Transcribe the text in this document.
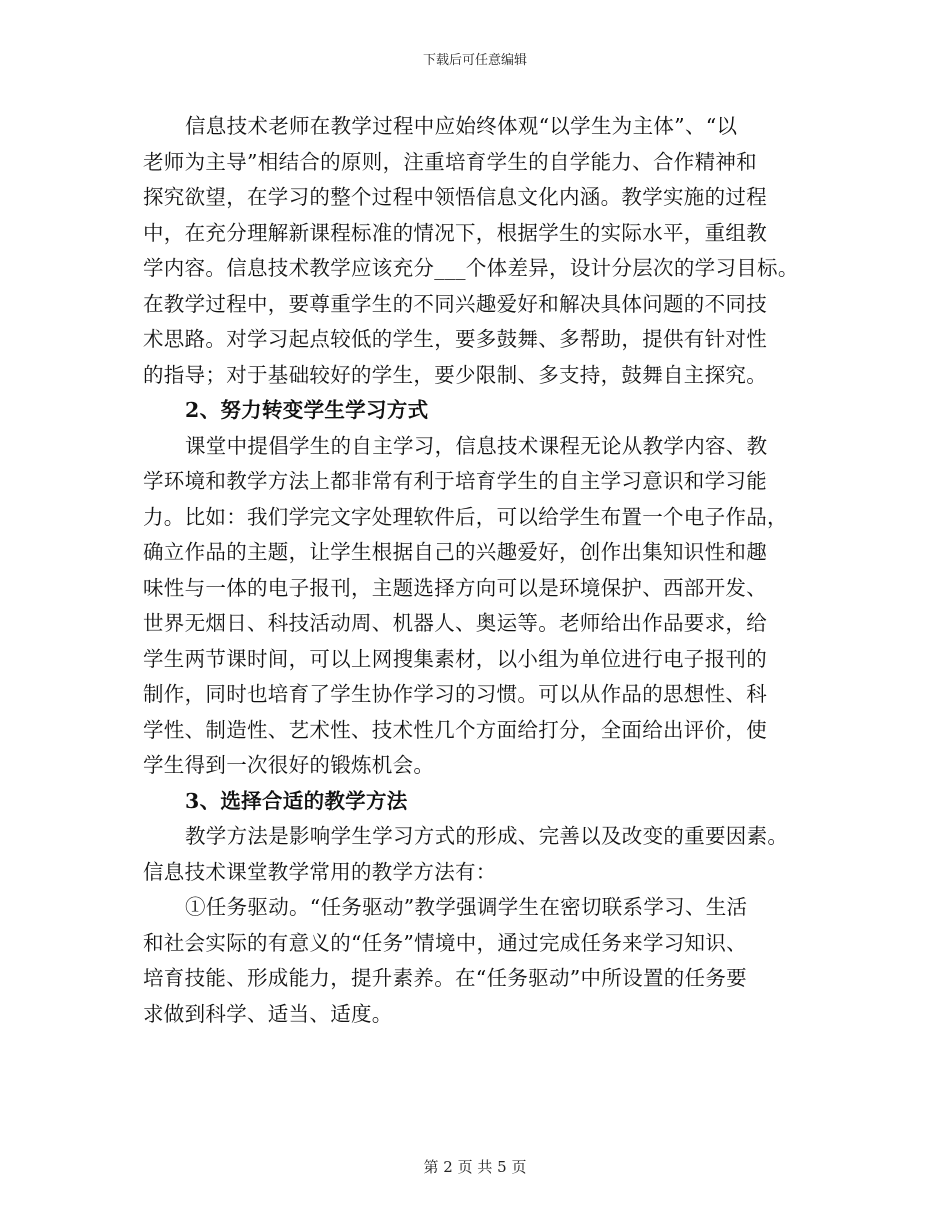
下载后可任意编辑
信息技术老师在教学过程中应始终体观“以学生为主体”、“以
老师为主导”相结合的原则，注重培育学生的自学能力、合作精神和
探究欲望，在学习的整个过程中领悟信息文化内涵。教学实施的过程
中，在充分理解新课程标准的情况下，根据学生的实际水平，重组教
学内容。信息技术教学应该充分___个体差异，设计分层次的学习目标。
在教学过程中，要尊重学生的不同兴趣爱好和解决具体问题的不同技
术思路。对学习起点较低的学生，要多鼓舞、多帮助，提供有针对性
的指导；对于基础较好的学生，要少限制、多支持，鼓舞自主探究。
2、努力转变学生学习方式
课堂中提倡学生的自主学习，信息技术课程无论从教学内容、教
学环境和教学方法上都非常有利于培育学生的自主学习意识和学习能
力。比如：我们学完文字处理软件后，可以给学生布置一个电子作品，
确立作品的主题，让学生根据自己的兴趣爱好，创作出集知识性和趣
味性与一体的电子报刊，主题选择方向可以是环境保护、西部开发、
世界无烟日、科技活动周、机器人、奥运等。老师给出作品要求，给
学生两节课时间，可以上网搜集素材，以小组为单位进行电子报刊的
制作，同时也培育了学生协作学习的习惯。可以从作品的思想性、科
学性、制造性、艺术性、技术性几个方面给打分，全面给出评价，使
学生得到一次很好的锻炼机会。
3、选择合适的教学方法
教学方法是影响学生学习方式的形成、完善以及改变的重要因素。
信息技术课堂教学常用的教学方法有：
①任务驱动。“任务驱动”教学强调学生在密切联系学习、生活
和社会实际的有意义的“任务”情境中，通过完成任务来学习知识、
培育技能、形成能力，提升素养。在“任务驱动”中所设置的任务要
求做到科学、适当、适度。
第 2 页 共 5 页
